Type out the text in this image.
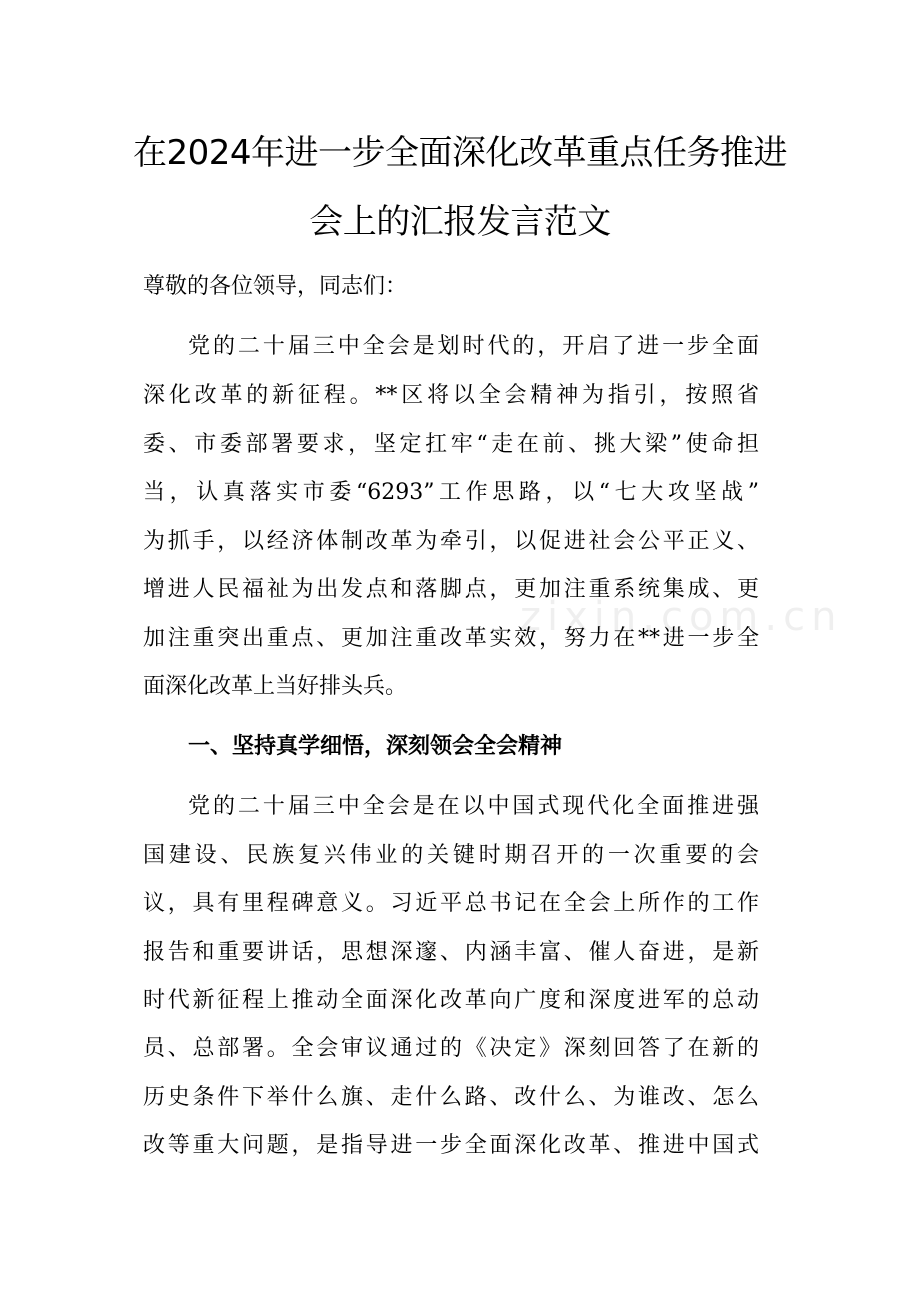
在2024年进一步全面深化改革重点任务推进
会上的汇报发言范文
尊敬的各位领导，同志们：
党的二十届三中全会是划时代的，开启了进一步全面
深化改革的新征程。**区将以全会精神为指引，按照省
委、市委部署要求，坚定扛牢“走在前、挑大梁”使命担
当，认真落实市委“6293”工作思路，以“七大攻坚战”
为抓手，以经济体制改革为牵引，以促进社会公平正义、
增进人民福祉为出发点和落脚点，更加注重系统集成、更
加注重突出重点、更加注重改革实效，努力在**进一步全
面深化改革上当好排头兵。
一、坚持真学细悟，深刻领会全会精神
党的二十届三中全会是在以中国式现代化全面推进强
国建设、民族复兴伟业的关键时期召开的一次重要的会
议，具有里程碑意义。习近平总书记在全会上所作的工作
报告和重要讲话，思想深邃、内涵丰富、催人奋进，是新
时代新征程上推动全面深化改革向广度和深度进军的总动
员、总部署。全会审议通过的《决定》深刻回答了在新的
历史条件下举什么旗、走什么路、改什么、为谁改、怎么
改等重大问题，是指导进一步全面深化改革、推进中国式
zixin.com.cn
